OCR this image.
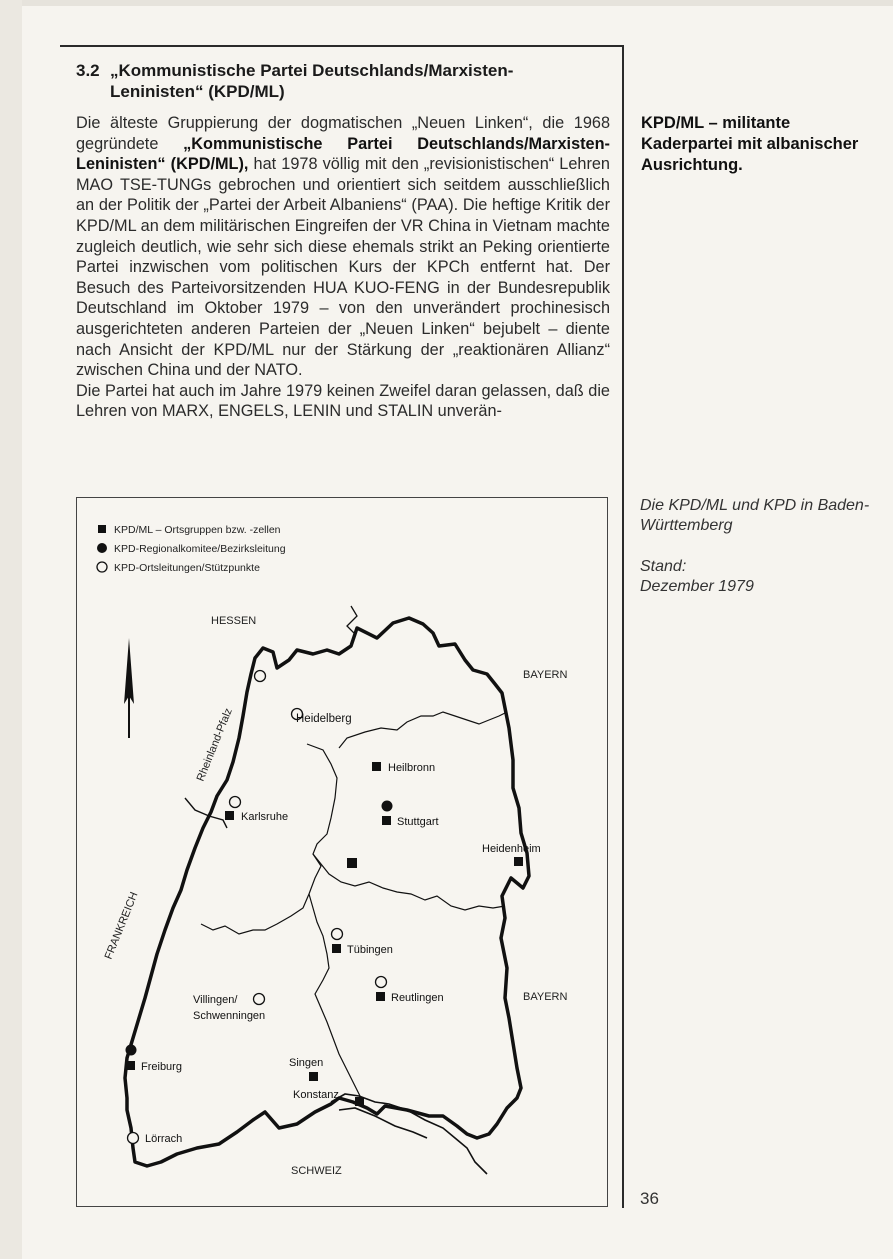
3.2 „Kommunistische Partei Deutschlands/Marxisten-
Leninisten“ (KPD/ML)

Die älteste Gruppierung der dogmatischen „Neuen Linken“, die 1968 gegründete „Kommunistische Partei Deutschlands/Marxisten-Leninisten“ (KPD/ML), hat 1978 völlig mit den „revisionistischen“ Lehren MAO TSE-TUNGs gebrochen und orientiert sich seitdem ausschließlich an der Politik der „Partei der Arbeit Albaniens“ (PAA). Die heftige Kritik der KPD/ML an dem militärischen Eingreifen der VR China in Vietnam machte zugleich deutlich, wie sehr sich diese ehemals strikt an Peking orientierte Partei inzwischen vom politischen Kurs der KPCh entfernt hat. Der Besuch des Parteivorsitzenden HUA KUO-FENG in der Bundesrepublik Deutschland im Oktober 1979 – von den unverändert prochinesisch ausgerichteten anderen Parteien der „Neuen Linken“ bejubelt – diente nach Ansicht der KPD/ML nur der Stärkung der „reaktionären Allianz“ zwischen China und der NATO.

Die Partei hat auch im Jahre 1979 keinen Zweifel daran gelassen, daß die Lehren von MARX, ENGELS, LENIN und STALIN unverän-

KPD/ML – militante Kaderpartei mit albanischer Ausrichtung.
Die KPD/ML und KPD in Baden-Württemberg
Stand:
Dezember 1979
KPD/ML – Ortsgruppen bzw. -zellen
KPD-Regionalkomitee/Bezirksleitung
KPD-Ortsleitungen/Stützpunkte
HESSEN
BAYERN
BAYERN
Rheinland-Pfalz
FRANKREICH
SCHWEIZ
Heidelberg
Heilbronn
Karlsruhe	Stuttgart
Heidenheim
Tübingen
Reutlingen
Villingen/
Schwenningen
Freiburg	Singen
Konstanz
Lörrach
36
